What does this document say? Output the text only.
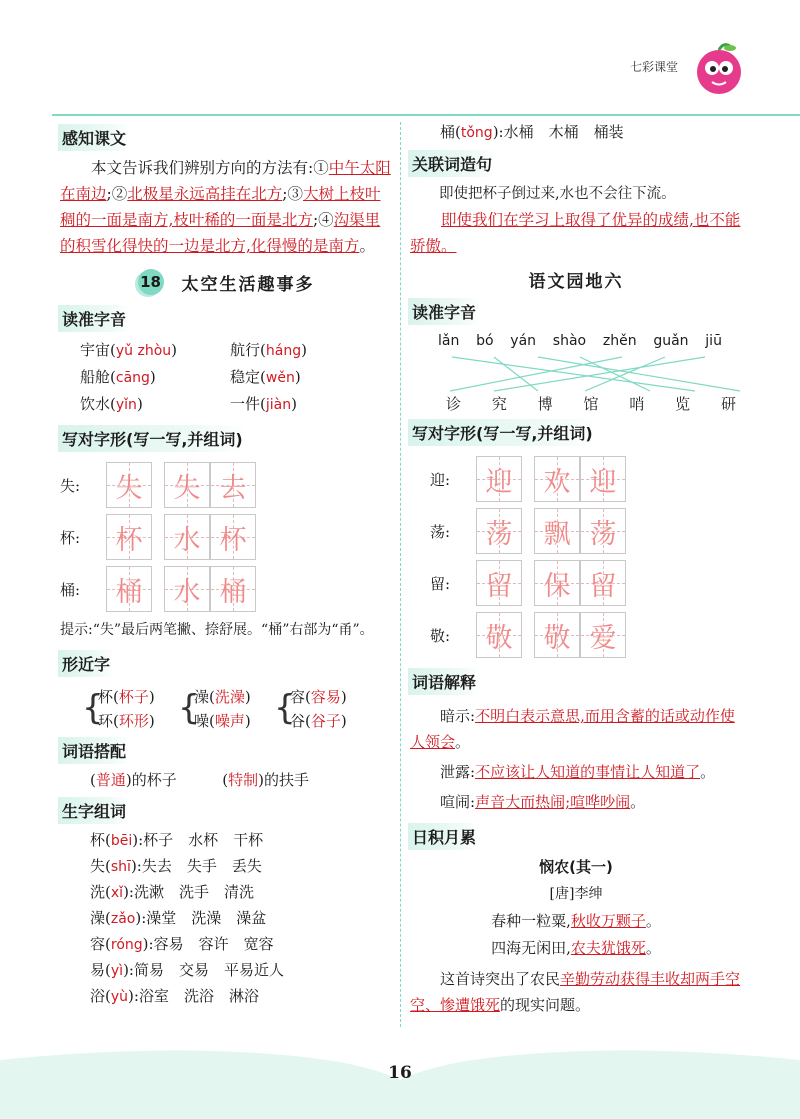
七彩课堂
感知课文

本文告诉我们辨别方向的方法有:①中午太阳在南边;②北极星永远高挂在北方;③大树上枝叶稠的一面是南方,枝叶稀的一面是北方;④沟渠里的积雪化得快的一边是北方,化得慢的是南方。

18 太空生活趣事多
读准字音
宇宙(yǔ zhòu)	航行(háng)
船舱(cāng)	稳定(wěn)
饮水(yǐn)	一件(jiàn)
写对字形(写一写,并组词)
失:	失 失 去
杯:	杯 水 杯
桶:	桶 水 桶
提示:“失”最后两笔撇、捺舒展。“桶”右部为“甬”。
形近字
{ 杯(杯子)
环(环形)
{ 澡(洗澡)
噪(噪声)
{ 容(容易)
谷(谷子)
词语搭配
(普通)的杯子	(特制)的扶手
生字组词
杯(bēi):杯子　水杯　干杯
失(shī):失去　失手　丢失
洗(xǐ):洗漱　洗手　清洗
澡(zǎo):澡堂　洗澡　澡盆
容(róng):容易　容许　宽容
易(yì):简易　交易　平易近人
浴(yù):浴室　洗浴　淋浴
桶(tǒng):水桶　木桶　桶装
关联词造句

即使把杯子倒过来,水也不会往下流。

即使我们在学习上取得了优异的成绩,也不能骄傲。

语文园地六
读准字音
lǎn bó yán shào zhěn guǎn jiū
诊 究 博 馆 哨 览 研
写对字形(写一写,并组词)
迎:	迎 欢 迎
荡:	荡 飘 荡
留:	留 保 留
敬:	敬 敬 爱
词语解释

暗示:不明白表示意思,而用含蓄的话或动作使人领会。

泄露:不应该让人知道的事情让人知道了。

喧闹:声音大而热闹;喧哗吵闹。

日积月累
悯农(其一)
[唐]李绅
春种一粒粟,秋收万颗子。
四海无闲田,农夫犹饿死。

这首诗突出了农民辛勤劳动获得丰收却两手空空、惨遭饿死的现实问题。

16
